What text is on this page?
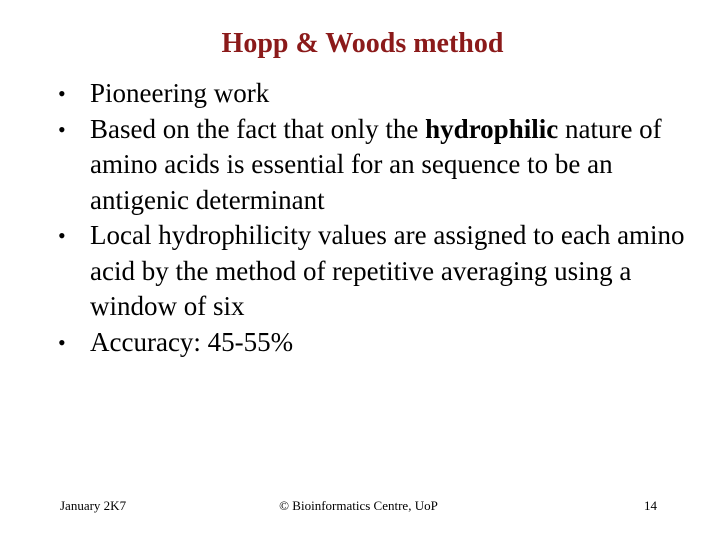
Hopp & Woods method
• Pioneering work
• Based on the fact that only the hydrophilic nature of amino acids is essential for an sequence to be an antigenic determinant
• Local hydrophilicity values are assigned to each amino acid by the method of repetitive averaging using a window of six
• Accuracy: 45-55%
January 2K7	© Bioinformatics Centre, UoP	14
